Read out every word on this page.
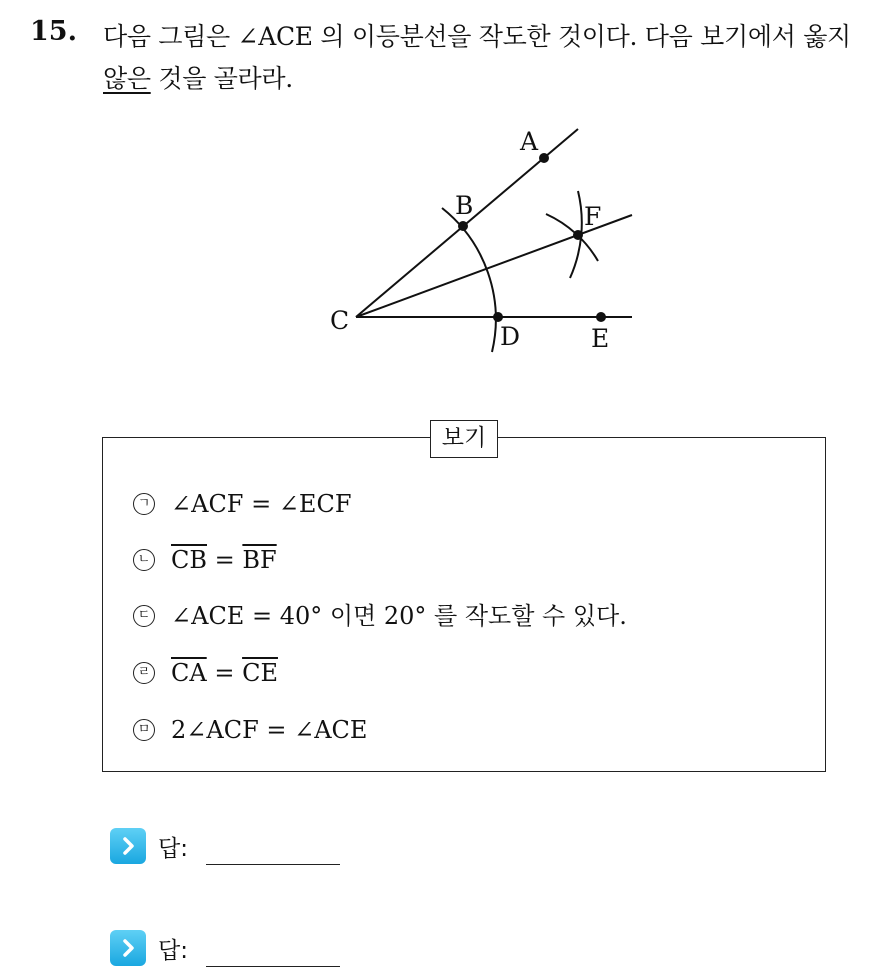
15. 다음 그림은 ∠ACE 의 이등분선을 작도한 것이다. 다음 보기에서 옳지
않은 것을 골라라.
A
B	F
C
D	E
보기
ㄱ ∠ACF = ∠ECF
ㄴ $\overline{CB} = \overline{BF}$
ㄷ ∠ACE = 40° 이면 20° 를 작도할 수 있다.
ㄹ $\overline{CA} = \overline{CE}$
ㅁ 2∠ACF = ∠ACE
답:
답:
